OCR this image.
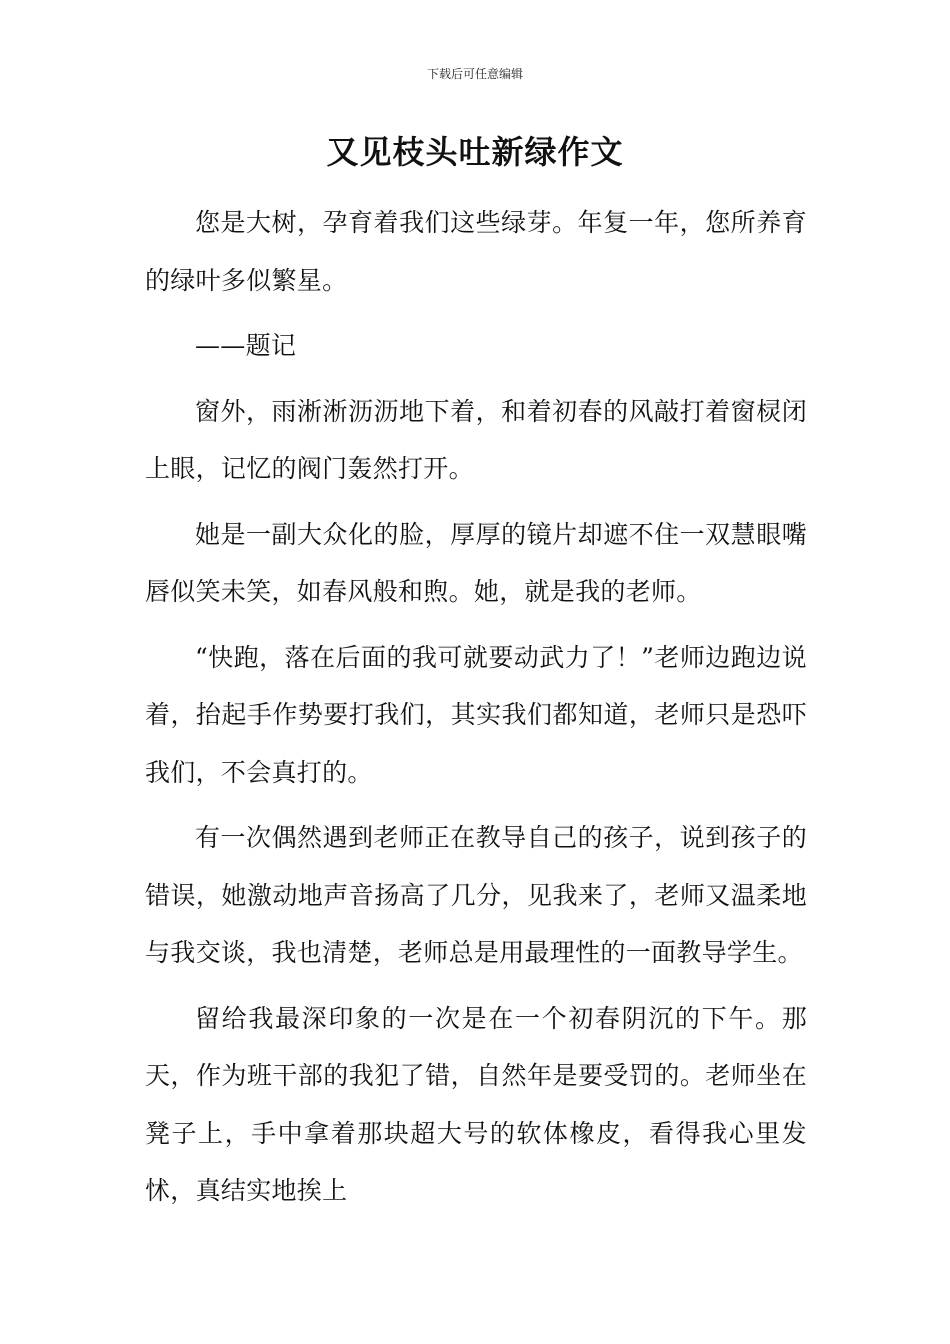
下载后可任意编辑
又见枝头吐新绿作文

您是大树，孕育着我们这些绿芽。年复一年，您所养育的绿叶多似繁星。

——题记

窗外，雨淅淅沥沥地下着，和着初春的风敲打着窗棂闭上眼，记忆的阀门轰然打开。

她是一副大众化的脸，厚厚的镜片却遮不住一双慧眼嘴唇似笑未笑，如春风般和煦。她，就是我的老师。

“快跑，落在后面的我可就要动武力了！”老师边跑边说着，抬起手作势要打我们，其实我们都知道，老师只是恐吓我们，不会真打的。

有一次偶然遇到老师正在教导自己的孩子，说到孩子的错误，她激动地声音扬高了几分，见我来了，老师又温柔地与我交谈，我也清楚，老师总是用最理性的一面教导学生。

留给我最深印象的一次是在一个初春阴沉的下午。那天，作为班干部的我犯了错，自然年是要受罚的。老师坐在凳子上，手中拿着那块超大号的软体橡皮，看得我心里发怵，真结实地挨上
